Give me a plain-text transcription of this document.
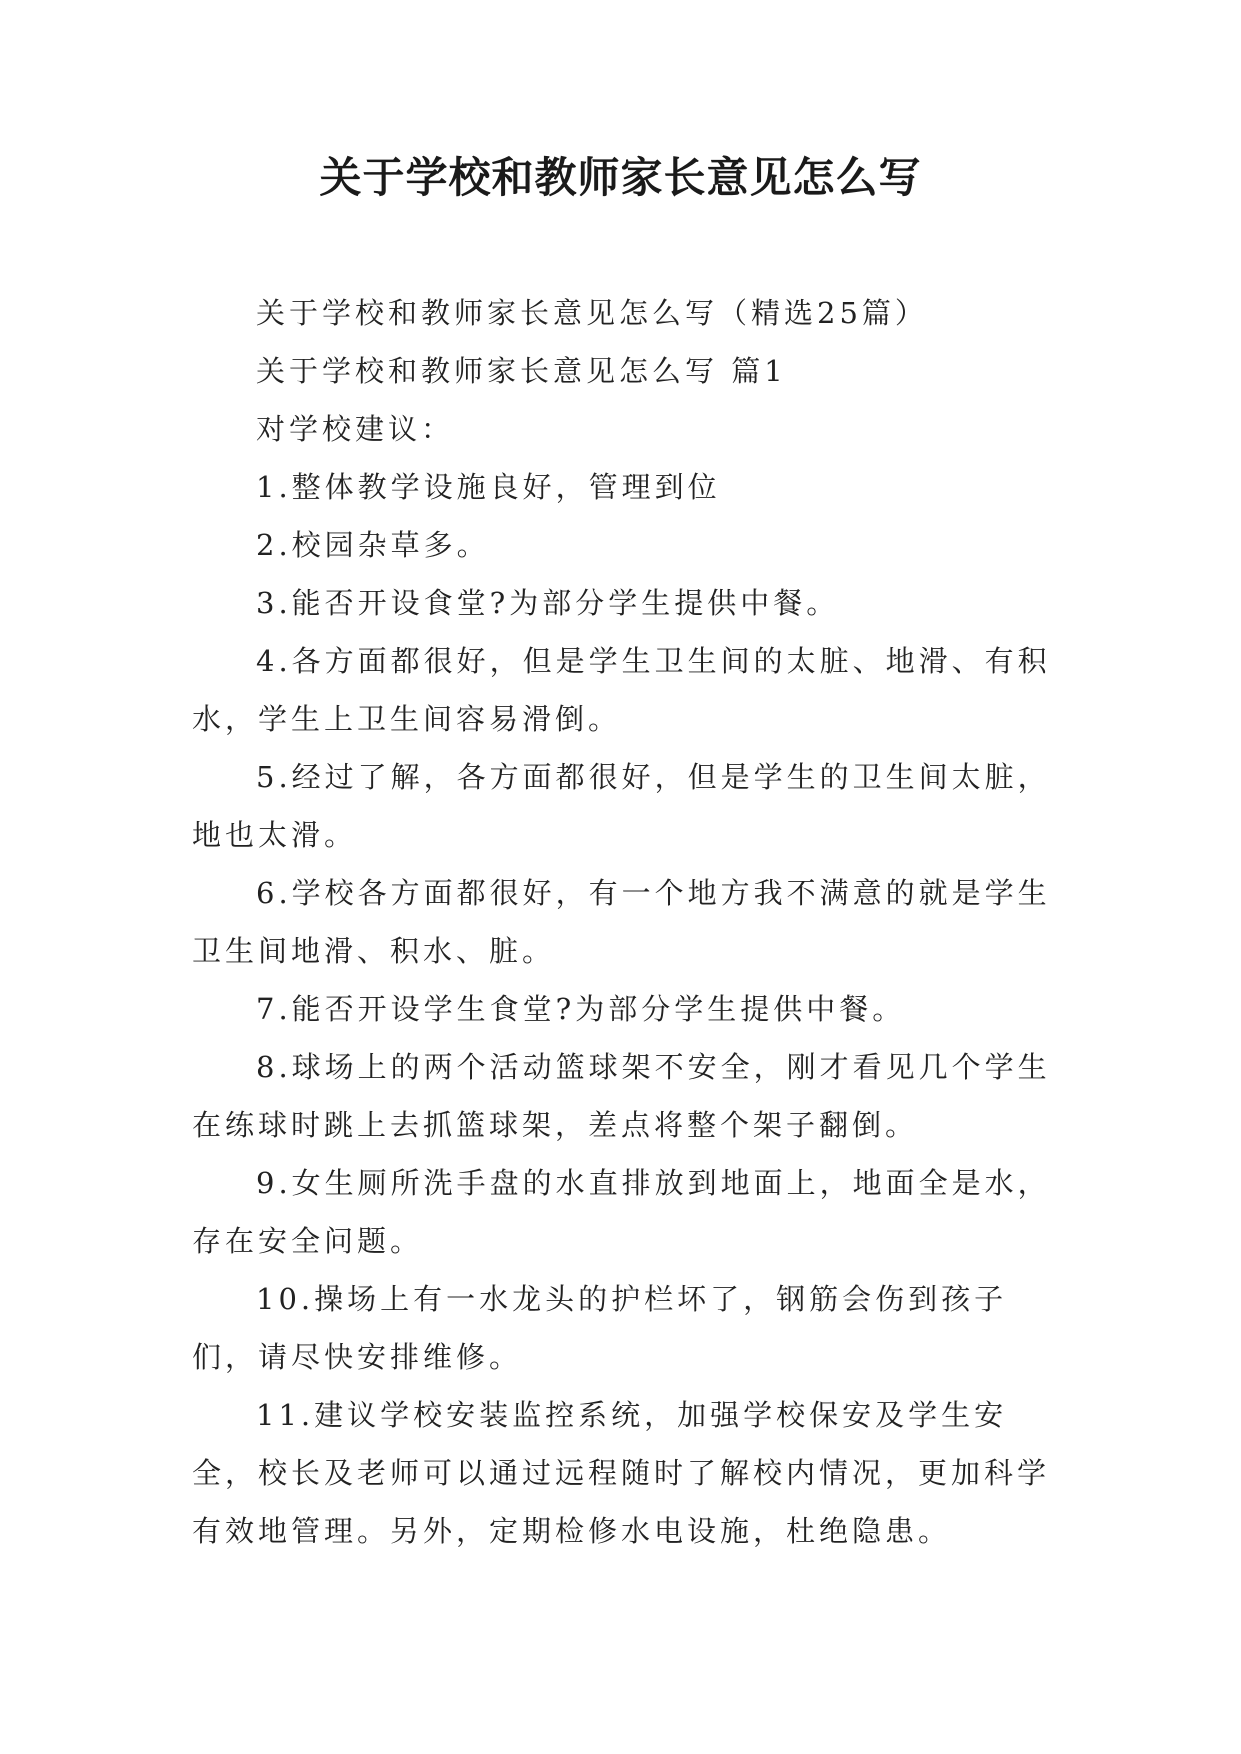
关于学校和教师家长意见怎么写

关于学校和教师家长意见怎么写（精选25篇）

关于学校和教师家长意见怎么写 篇1

对学校建议：

1.整体教学设施良好，管理到位

2.校园杂草多。

3.能否开设食堂?为部分学生提供中餐。

4.各方面都很好，但是学生卫生间的太脏、地滑、有积水，学生上卫生间容易滑倒。

5.经过了解，各方面都很好，但是学生的卫生间太脏，地也太滑。

6.学校各方面都很好，有一个地方我不满意的就是学生卫生间地滑、积水、脏。

7.能否开设学生食堂?为部分学生提供中餐。

8.球场上的两个活动篮球架不安全，刚才看见几个学生在练球时跳上去抓篮球架，差点将整个架子翻倒。

9.女生厕所洗手盘的水直排放到地面上，地面全是水，存在安全问题。

10.操场上有一水龙头的护栏坏了，钢筋会伤到孩子们，请尽快安排维修。

11.建议学校安装监控系统，加强学校保安及学生安全，校长及老师可以通过远程随时了解校内情况，更加科学有效地管理。另外，定期检修水电设施，杜绝隐患。
